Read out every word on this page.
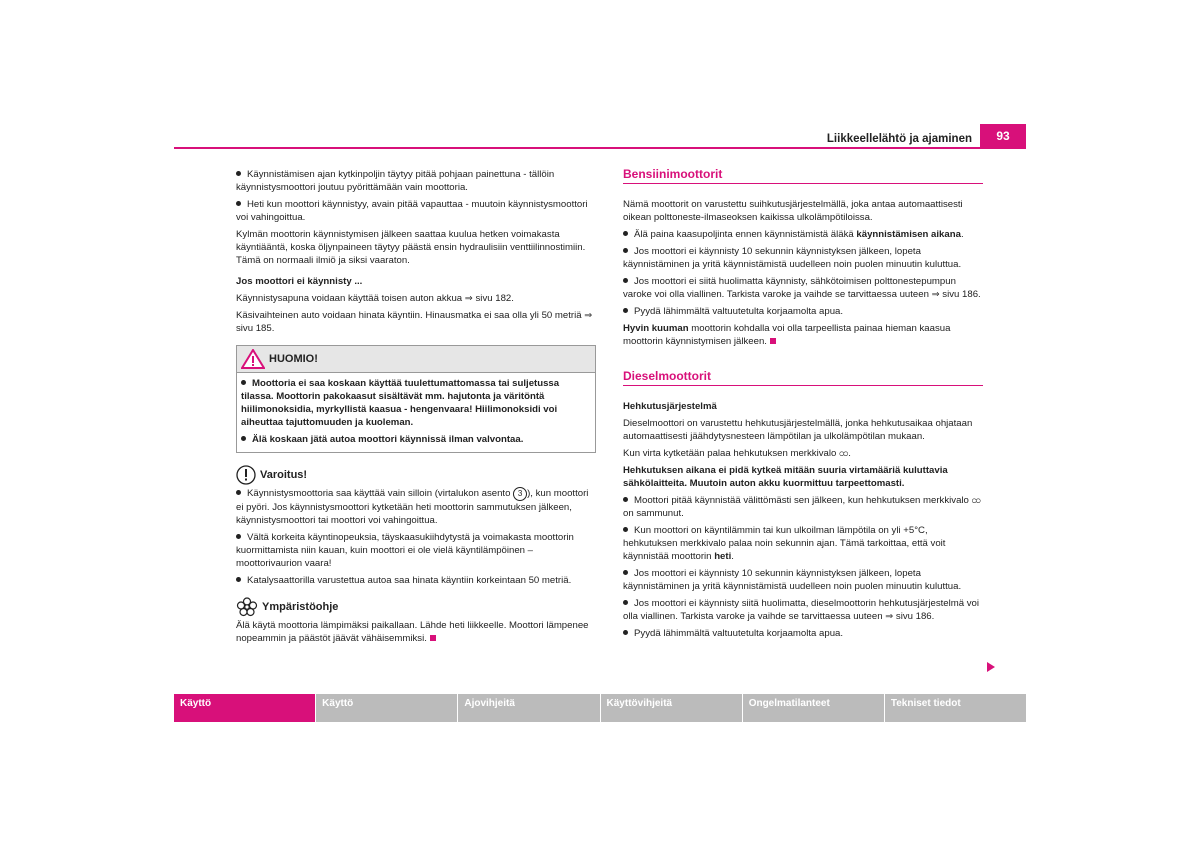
Liikkeellelähtö ja ajaminen	93

Käynnistämisen ajan kytkinpoljin täytyy pitää pohjaan painettuna - tällöin käynnistysmoottori joutuu pyörittämään vain moottoria.

Heti kun moottori käynnistyy, avain pitää vapauttaa - muutoin käynnistysmoottori voi vahingoittua.

Kylmän moottorin käynnistymisen jälkeen saattaa kuulua hetken voimakasta käyntiääntä, koska öljynpaineen täytyy päästä ensin hydraulisiin venttiilinnostimiin. Tämä on normaali ilmiö ja siksi vaaraton.

Jos moottori ei käynnisty ...

Käynnistysapuna voidaan käyttää toisen auton akkua ⇒ sivu 182.

Käsivaihteinen auto voidaan hinata käyntiin. Hinausmatka ei saa olla yli 50 metriä ⇒ sivu 185.

HUOMIO!

Moottoria ei saa koskaan käyttää tuulettumattomassa tai suljetussa tilassa. Moottorin pakokaasut sisältävät mm. hajutonta ja väritöntä hiilimonoksidia, myrkyllistä kaasua - hengenvaara! Hiilimonoksidi voi aiheuttaa tajuttomuuden ja kuoleman.

Älä koskaan jätä autoa moottori käynnissä ilman valvontaa.

Varoitus!

Käynnistysmoottoria saa käyttää vain silloin (virtalukon asento 3 ), kun moottori ei pyöri. Jos käynnistysmoottori kytketään heti moottorin sammutuksen jälkeen, käynnistysmoottori tai moottori voi vahingoittua.

Vältä korkeita käyntinopeuksia, täyskaasukiihdytystä ja voimakasta moottorin kuormittamista niin kauan, kuin moottori ei ole vielä käyntilämpöinen – moottorivaurion vaara!

Katalysaattorilla varustettua autoa saa hinata käyntiin korkeintaan 50 metriä.

Ympäristöohje

Älä käytä moottoria lämpimäksi paikallaan. Lähde heti liikkeelle. Moottori lämpenee nopeammin ja päästöt jäävät vähäisemmiksi.

Bensiinimoottorit

Nämä moottorit on varustettu suihkutusjärjestelmällä, joka antaa automaattisesti oikean polttoneste-ilmaseoksen kaikissa ulkolämpötiloissa.

Älä paina kaasupoljinta ennen käynnistämistä äläkä käynnistämisen aikana.

Jos moottori ei käynnisty 10 sekunnin käynnistyksen jälkeen, lopeta käynnistäminen ja yritä käynnistämistä uudelleen noin puolen minuutin kuluttua.

Jos moottori ei siitä huolimatta käynnisty, sähkötoimisen polttonestepumpun varoke voi olla viallinen. Tarkista varoke ja vaihde se tarvittaessa uuteen ⇒ sivu 186.

Pyydä lähimmältä valtuutetulta korjaamolta apua.

Hyvin kuuman moottorin kohdalla voi olla tarpeellista painaa hieman kaasua moottorin käynnistymisen jälkeen.

Dieselmoottorit

Hehkutusjärjestelmä

Dieselmoottori on varustettu hehkutusjärjestelmällä, jonka hehkutusaikaa ohjataan automaattisesti jäähdytysnesteen lämpötilan ja ulkolämpötilan mukaan.

Kun virta kytketään palaa hehkutuksen merkkivalo ထ.

Hehkutuksen aikana ei pidä kytkeä mitään suuria virtamääriä kuluttavia sähkölaitteita. Muutoin auton akku kuormittuu tarpeettomasti.

Moottori pitää käynnistää välittömästi sen jälkeen, kun hehkutuksen merkkivalo ထ on sammunut.

Kun moottori on käyntilämmin tai kun ulkoilman lämpötila on yli +5°C, hehkutuksen merkkivalo palaa noin sekunnin ajan. Tämä tarkoittaa, että voit käynnistää moottorin heti.

Jos moottori ei käynnisty 10 sekunnin käynnistyksen jälkeen, lopeta käynnistäminen ja yritä käynnistämistä uudelleen noin puolen minuutin kuluttua.

Jos moottori ei käynnisty siitä huolimatta, dieselmoottorin hehkutusjärjestelmä voi olla viallinen. Tarkista varoke ja vaihde se tarvittaessa uuteen ⇒ sivu 186.

Pyydä lähimmältä valtuutetulta korjaamolta apua.

Käyttö	Käyttö	Ajovihjeitä	Käyttövihjeitä	Ongelmatilanteet	Tekniset tiedot
